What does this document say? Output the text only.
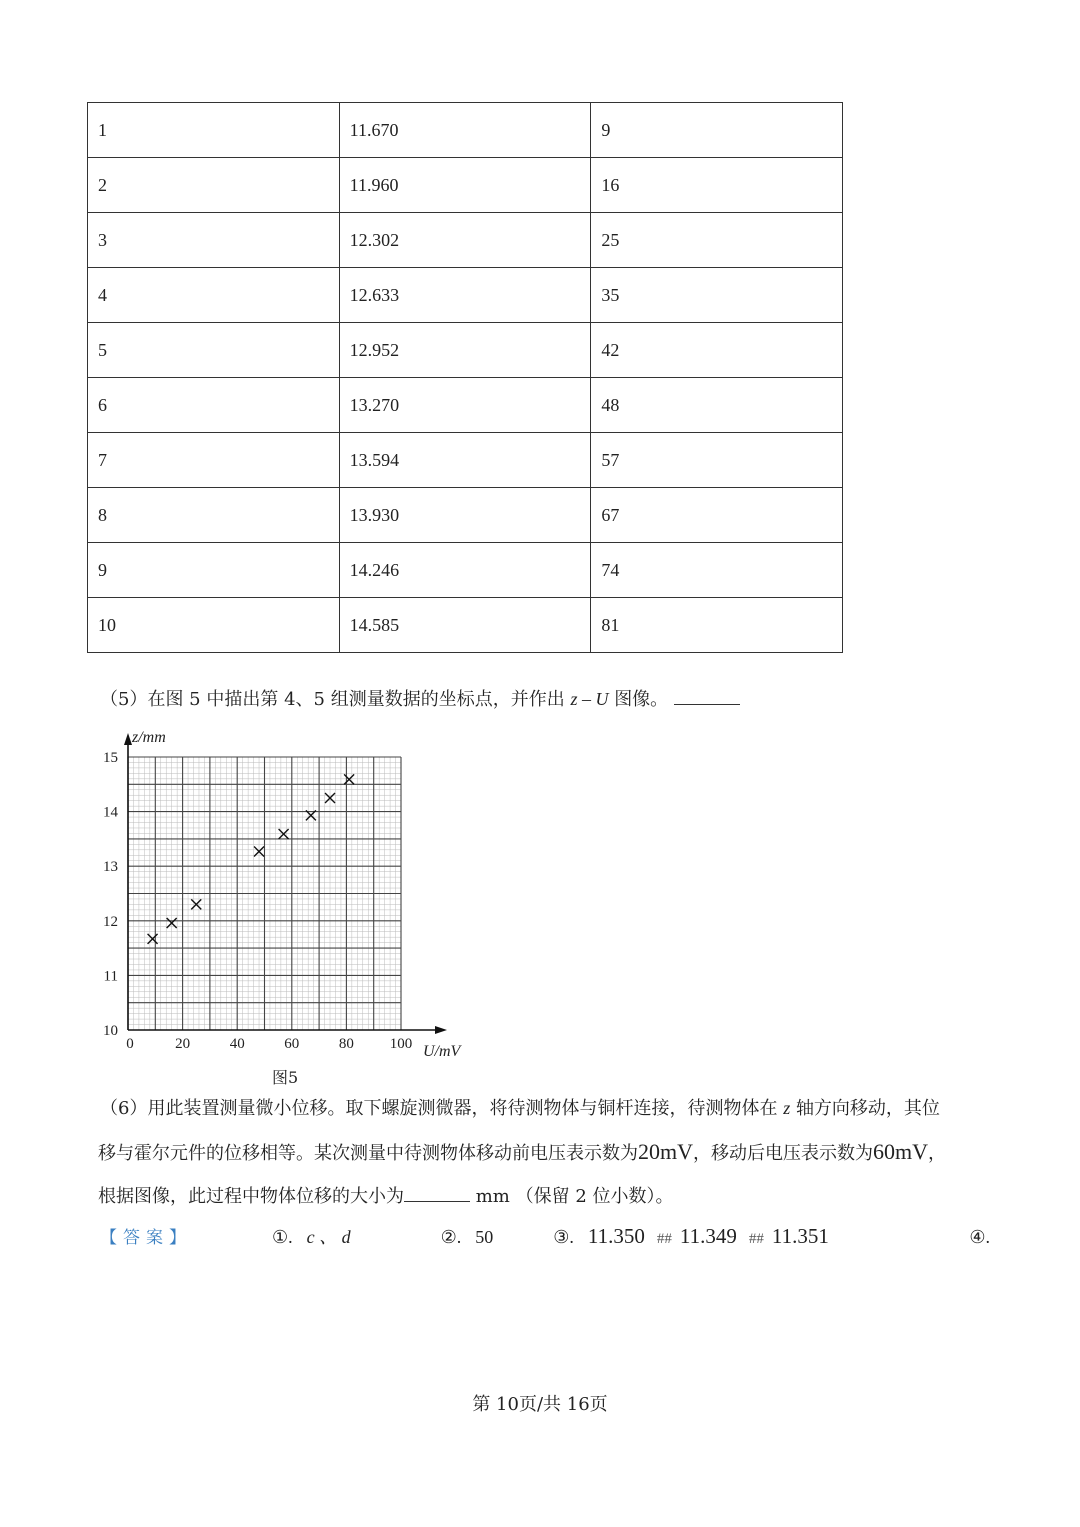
1	11.670	9
2	11.960	16
3	12.302	25
4	12.633	35
5	12.952	42
6	13.270	48
7	13.594	57
8	13.930	67
9	14.246	74
10	14.585	81
（5）在图 5 中描出第 4、5 组测量数据的坐标点，并作出 z – U 图像。
10
11
12
13
14
15
0	20	40	60	80 100
z/mm
U/mV
图5
（6）用此装置测量微小位移。取下螺旋测微器，将待测物体与铜杆连接，待测物体在 z 轴方向移动，其位
移与霍尔元件的位移相等。某次测量中待测物体移动前电压表示数为20mV，移动后电压表示数为60mV，
根据图像，此过程中物体位移的大小为	mm （保留 2 位小数）。
【答案】	①. c 、 d	②. 50	③. 11.350 ## 11.349 ## 11.351	④.
第 10页/共 16页
